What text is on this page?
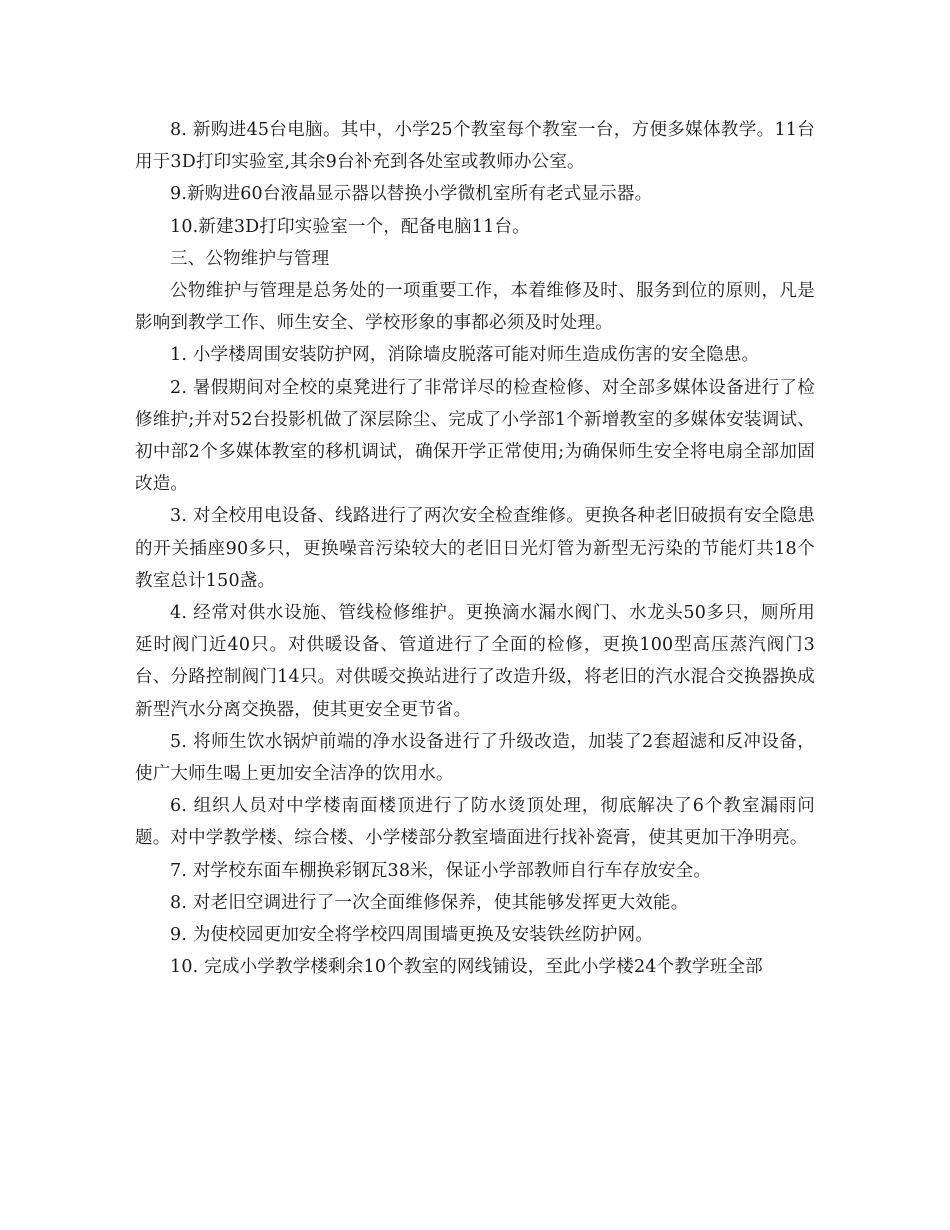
8. 新购进45台电脑。其中，小学25个教室每个教室一台，方便多媒体教学。11台用于3D打印实验室,其余9台补充到各处室或教师办公室。

9.新购进60台液晶显示器以替换小学微机室所有老式显示器。

10.新建3D打印实验室一个，配备电脑11台。

三、公物维护与管理

公物维护与管理是总务处的一项重要工作，本着维修及时、服务到位的原则，凡是影响到教学工作、师生安全、学校形象的事都必须及时处理。

1. 小学楼周围安装防护网，消除墙皮脱落可能对师生造成伤害的安全隐患。

2. 暑假期间对全校的桌凳进行了非常详尽的检查检修、对全部多媒体设备进行了检修维护;并对52台投影机做了深层除尘、完成了小学部1个新增教室的多媒体安装调试、初中部2个多媒体教室的移机调试，确保开学正常使用;为确保师生安全将电扇全部加固改造。

3. 对全校用电设备、线路进行了两次安全检查维修。更换各种老旧破损有安全隐患的开关插座90多只，更换噪音污染较大的老旧日光灯管为新型无污染的节能灯共18个教室总计150盏。

4. 经常对供水设施、管线检修维护。更换滴水漏水阀门、水龙头50多只，厕所用延时阀门近40只。对供暖设备、管道进行了全面的检修，更换100型高压蒸汽阀门3台、分路控制阀门14只。对供暖交换站进行了改造升级，将老旧的汽水混合交换器换成新型汽水分离交换器，使其更安全更节省。

5. 将师生饮水锅炉前端的净水设备进行了升级改造，加装了2套超滤和反冲设备，使广大师生喝上更加安全洁净的饮用水。

6. 组织人员对中学楼南面楼顶进行了防水烫顶处理，彻底解决了6个教室漏雨问题。对中学教学楼、综合楼、小学楼部分教室墙面进行找补瓷膏，使其更加干净明亮。

7. 对学校东面车棚换彩钢瓦38米，保证小学部教师自行车存放安全。

8. 对老旧空调进行了一次全面维修保养，使其能够发挥更大效能。

9. 为使校园更加安全将学校四周围墙更换及安装铁丝防护网。

10. 完成小学教学楼剩余10个教室的网线铺设，至此小学楼24个教学班全部
